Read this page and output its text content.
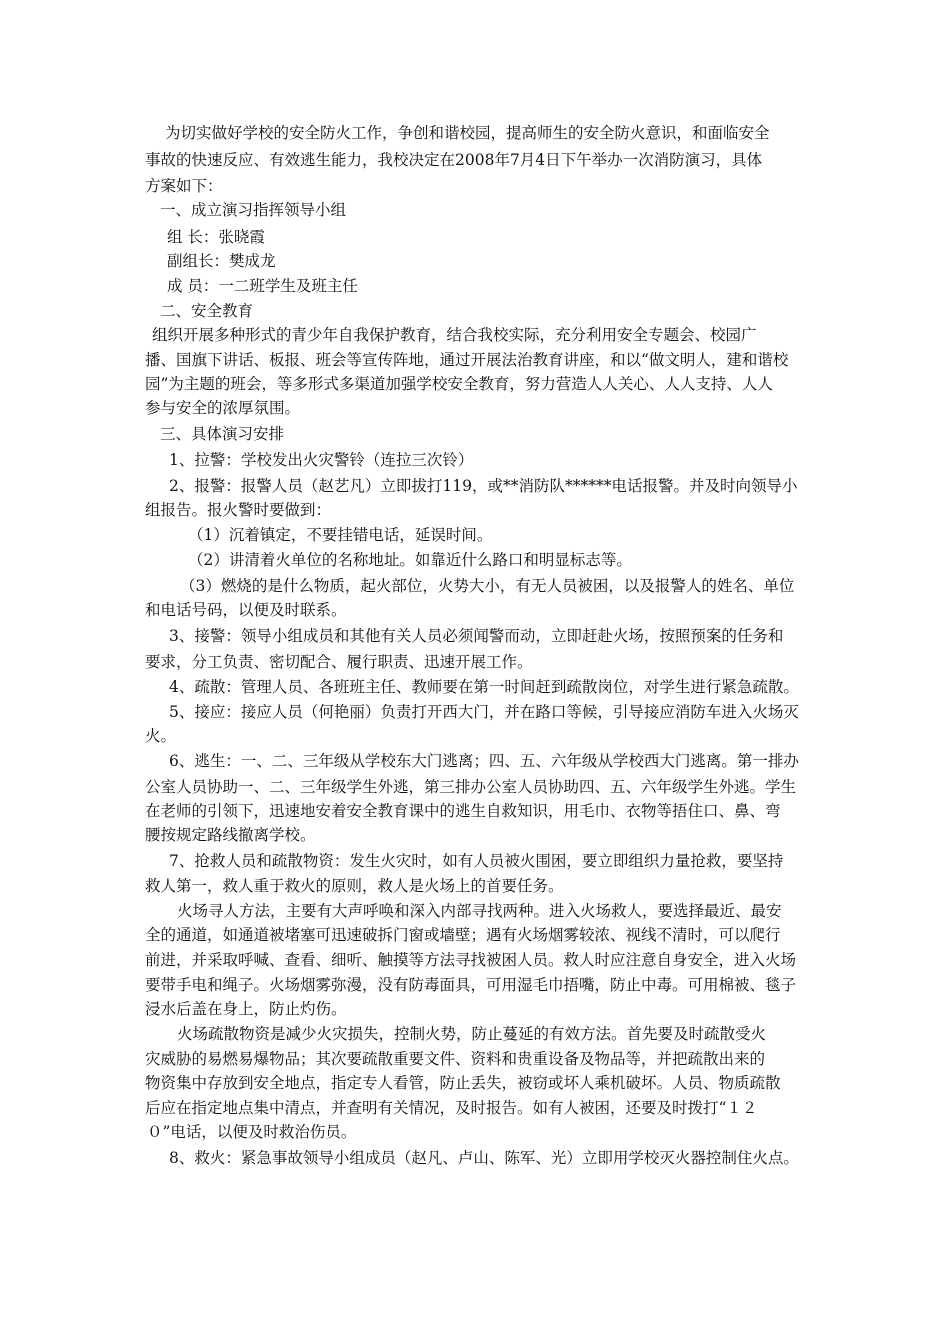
为切实做好学校的安全防火工作，争创和谐校园，提高师生的安全防火意识，和面临安全
事故的快速反应、有效逃生能力，我校决定在2008年7月4日下午举办一次消防演习，具体
方案如下：
一、成立演习指挥领导小组
组 长：张晓霞
副组长：樊成龙
成 员：一二班学生及班主任
二、安全教育
组织开展多种形式的青少年自我保护教育，结合我校实际，充分利用安全专题会、校园广
播、国旗下讲话、板报、班会等宣传阵地，通过开展法治教育讲座，和以“做文明人，建和谐校
园”为主题的班会，等多形式多渠道加强学校安全教育，努力营造人人关心、人人支持、人人
参与安全的浓厚氛围。
三、具体演习安排
1、拉警：学校发出火灾警铃（连拉三次铃）
2、报警：报警人员（赵艺凡）立即拔打119，或**消防队******电话报警。并及时向领导小
组报告。报火警时要做到：
（1）沉着镇定，不要挂错电话，延误时间。
（2）讲清着火单位的名称地址。如靠近什么路口和明显标志等。
（3）燃烧的是什么物质，起火部位，火势大小，有无人员被困，以及报警人的姓名、单位
和电话号码，以便及时联系。
3、接警：领导小组成员和其他有关人员必须闻警而动，立即赶赴火场，按照预案的任务和
要求，分工负责、密切配合、履行职责、迅速开展工作。
4、疏散：管理人员、各班班主任、教师要在第一时间赶到疏散岗位，对学生进行紧急疏散。
5、接应：接应人员（何艳丽）负责打开西大门，并在路口等候，引导接应消防车进入火场灭
火。
6、逃生：一、二、三年级从学校东大门逃离；四、五、六年级从学校西大门逃离。第一排办
公室人员协助一、二、三年级学生外逃，第三排办公室人员协助四、五、六年级学生外逃。学生
在老师的引领下，迅速地安着安全教育课中的逃生自救知识，用毛巾、衣物等捂住口、鼻、弯
腰按规定路线撤离学校。
7、抢救人员和疏散物资：发生火灾时，如有人员被火围困，要立即组织力量抢救，要坚持
救人第一，救人重于救火的原则，救人是火场上的首要任务。
火场寻人方法，主要有大声呼唤和深入内部寻找两种。进入火场救人，要选择最近、最安
全的通道，如通道被堵塞可迅速破拆门窗或墙壁；遇有火场烟雾较浓、视线不清时，可以爬行
前进，并采取呼喊、查看、细听、触摸等方法寻找被困人员。救人时应注意自身安全，进入火场
要带手电和绳子。火场烟雾弥漫，没有防毒面具，可用湿毛巾捂嘴，防止中毒。可用棉被、毯子
浸水后盖在身上，防止灼伤。
火场疏散物资是减少火灾损失，控制火势，防止蔓延的有效方法。首先要及时疏散受火
灾威胁的易燃易爆物品；其次要疏散重要文件、资料和贵重设备及物品等，并把疏散出来的
物资集中存放到安全地点，指定专人看管，防止丢失，被窃或坏人乘机破坏。人员、物质疏散
后应在指定地点集中清点，并查明有关情况，及时报告。如有人被困，还要及时拨打“１２
０”电话，以便及时救治伤员。
8、救火：紧急事故领导小组成员（赵凡、卢山、陈军、光）立即用学校灭火器控制住火点。
